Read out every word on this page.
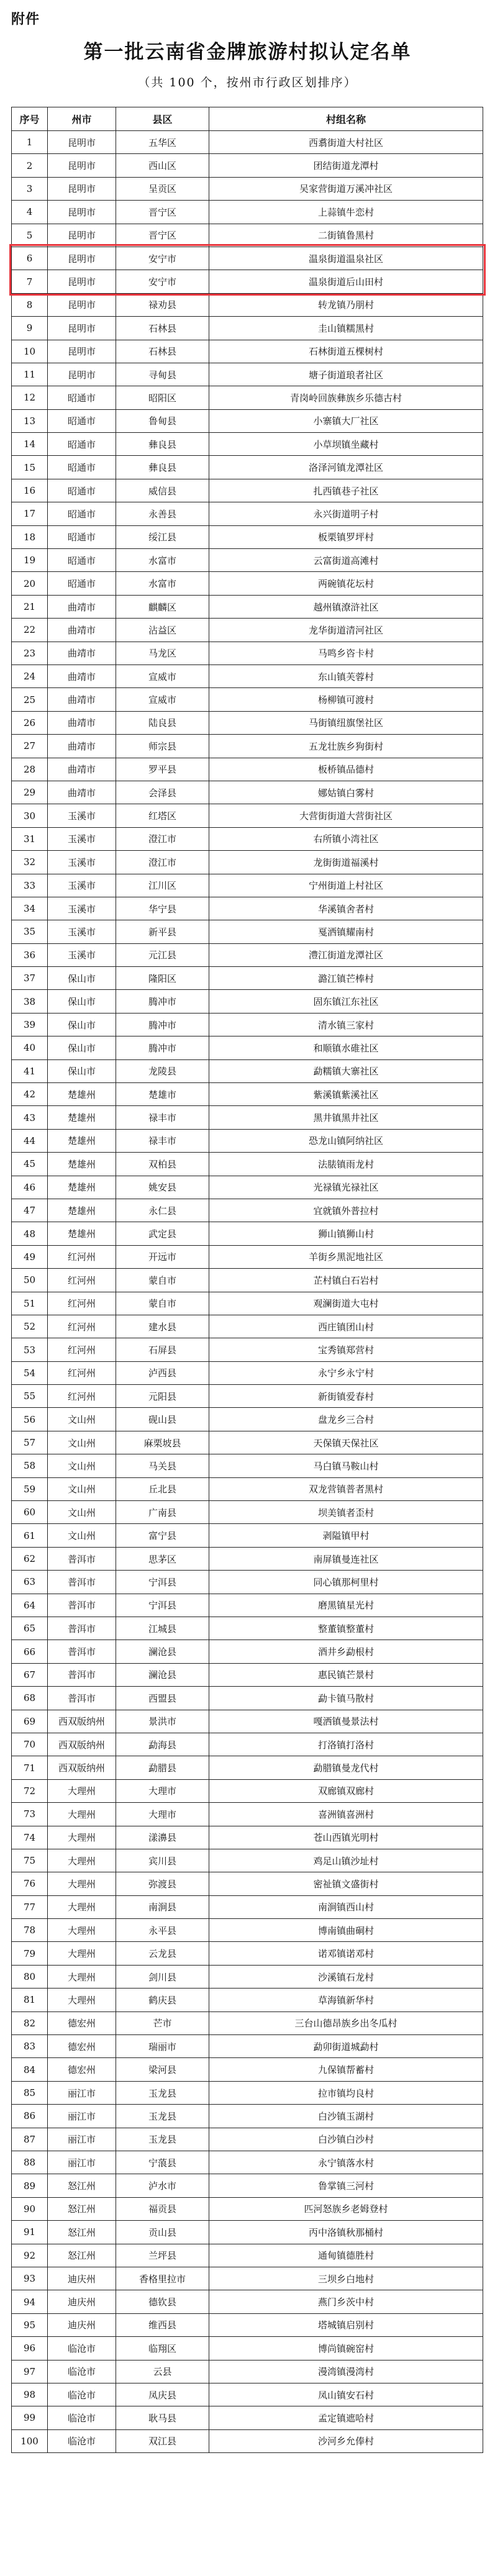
附件
第一批云南省金牌旅游村拟认定名单
（共 100 个，按州市行政区划排序）
序号	州市	县区	村组名称
1	昆明市	五华区	西翥街道大村社区
2	昆明市	西山区	团结街道龙潭村
3	昆明市	呈贡区	吴家营街道万溪冲社区
4	昆明市	晋宁区	上蒜镇牛恋村
5	昆明市	晋宁区	二街镇鲁黑村
6	昆明市	安宁市	温泉街道温泉社区
7	昆明市	安宁市	温泉街道后山田村
8	昆明市	禄劝县	转龙镇乃朋村
9	昆明市	石林县	圭山镇糯黑村
10	昆明市	石林县	石林街道五棵树村
11	昆明市	寻甸县	塘子街道琅者社区
12	昭通市	昭阳区	青岗岭回族彝族乡乐德古村
13	昭通市	鲁甸县	小寨镇大厂社区
14	昭通市	彝良县	小草坝镇坐藏村
15	昭通市	彝良县	洛泽河镇龙潭社区
16	昭通市	威信县	扎西镇巷子社区
17	昭通市	永善县	永兴街道明子村
18	昭通市	绥江县	板栗镇罗坪村
19	昭通市	水富市	云富街道高滩村
20	昭通市	水富市	两碗镇花坛村
21	曲靖市	麒麟区	越州镇潦浒社区
22	曲靖市	沾益区	龙华街道清河社区
23	曲靖市	马龙区	马鸣乡咨卡村
24	曲靖市	宣威市	东山镇芙蓉村
25	曲靖市	宣威市	杨柳镇可渡村
26	曲靖市	陆良县	马街镇纽旗堡社区
27	曲靖市	师宗县	五龙壮族乡狗街村
28	曲靖市	罗平县	板桥镇品德村
29	曲靖市	会泽县	娜姑镇白雾村
30	玉溪市	红塔区	大营街街道大营街社区
31	玉溪市	澄江市	右所镇小湾社区
32	玉溪市	澄江市	龙街街道福溪村
33	玉溪市	江川区	宁州街道上村社区
34	玉溪市	华宁县	华溪镇舍者村
35	玉溪市	新平县	戛洒镇耀南村
36	玉溪市	元江县	澧江街道龙潭社区
37	保山市	隆阳区	潞江镇芒棒村
38	保山市	腾冲市	固东镇江东社区
39	保山市	腾冲市	清水镇三家村
40	保山市	腾冲市	和顺镇水碓社区
41	保山市	龙陵县	勐糯镇大寨社区
42	楚雄州	楚雄市	紫溪镇紫溪社区
43	楚雄州	禄丰市	黑井镇黑井社区
44	楚雄州	禄丰市	恐龙山镇阿纳社区
45	楚雄州	双柏县	法脿镇雨龙村
46	楚雄州	姚安县	光禄镇光禄社区
47	楚雄州	永仁县	宜就镇外普拉村
48	楚雄州	武定县	狮山镇狮山村
49	红河州	开远市	羊街乡黑泥地社区
50	红河州	蒙自市	芷村镇白石岩村
51	红河州	蒙自市	观澜街道大屯村
52	红河州	建水县	西庄镇团山村
53	红河州	石屏县	宝秀镇郑营村
54	红河州	泸西县	永宁乡永宁村
55	红河州	元阳县	新街镇爱春村
56	文山州	砚山县	盘龙乡三合村
57	文山州	麻栗坡县	天保镇天保社区
58	文山州	马关县	马白镇马鞍山村
59	文山州	丘北县	双龙营镇普者黑村
60	文山州	广南县	坝美镇者歪村
61	文山州	富宁县	剥隘镇甲村
62	普洱市	思茅区	南屏镇曼连社区
63	普洱市	宁洱县	同心镇那柯里村
64	普洱市	宁洱县	磨黑镇星光村
65	普洱市	江城县	整董镇整董村
66	普洱市	澜沧县	酒井乡勐根村
67	普洱市	澜沧县	惠民镇芒景村
68	普洱市	西盟县	勐卡镇马散村
69	西双版纳州	景洪市	嘎洒镇曼景法村
70	西双版纳州	勐海县	打洛镇打洛村
71	西双版纳州	勐腊县	勐腊镇曼龙代村
72	大理州	大理市	双廊镇双廊村
73	大理州	大理市	喜洲镇喜洲村
74	大理州	漾濞县	苍山西镇光明村
75	大理州	宾川县	鸡足山镇沙址村
76	大理州	弥渡县	密祉镇文盛街村
77	大理州	南涧县	南涧镇西山村
78	大理州	永平县	博南镇曲硐村
79	大理州	云龙县	诺邓镇诺邓村
80	大理州	剑川县	沙溪镇石龙村
81	大理州	鹤庆县	草海镇新华村
82	德宏州	芒市	三台山德昂族乡出冬瓜村
83	德宏州	瑞丽市	勐卯街道城勐村
84	德宏州	梁河县	九保镇帮蓄村
85	丽江市	玉龙县	拉市镇均良村
86	丽江市	玉龙县	白沙镇玉湖村
87	丽江市	玉龙县	白沙镇白沙村
88	丽江市	宁蒗县	永宁镇落水村
89	怒江州	泸水市	鲁掌镇三河村
90	怒江州	福贡县	匹河怒族乡老姆登村
91	怒江州	贡山县	丙中洛镇秋那桶村
92	怒江州	兰坪县	通甸镇德胜村
93	迪庆州	香格里拉市	三坝乡白地村
94	迪庆州	德钦县	燕门乡茨中村
95	迪庆州	维西县	塔城镇启别村
96	临沧市	临翔区	博尚镇碗窑村
97	临沧市	云县	漫湾镇漫湾村
98	临沧市	凤庆县	凤山镇安石村
99	临沧市	耿马县	孟定镇遮哈村
100	临沧市	双江县	沙河乡允俸村
